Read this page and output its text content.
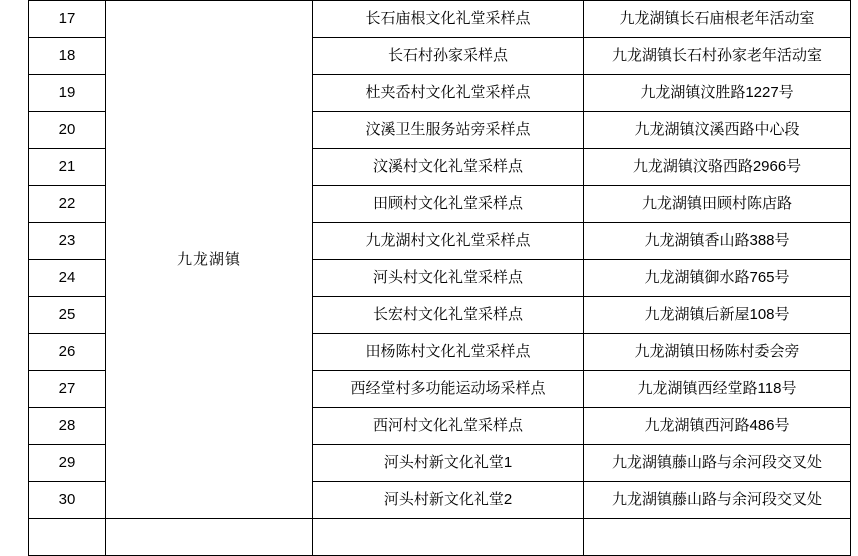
17	九龙湖镇	长石庙根文化礼堂采样点	九龙湖镇长石庙根老年活动室
18		长石村孙家采样点	九龙湖镇长石村孙家老年活动室
19		杜夹岙村文化礼堂采样点	九龙湖镇汶胜路1227号
20		汶溪卫生服务站旁采样点	九龙湖镇汶溪西路中心段
21		汶溪村文化礼堂采样点	九龙湖镇汶骆西路2966号
22		田顾村文化礼堂采样点	九龙湖镇田顾村陈店路
23		九龙湖村文化礼堂采样点	九龙湖镇香山路388号
24		河头村文化礼堂采样点	九龙湖镇御水路765号
25		长宏村文化礼堂采样点	九龙湖镇后新屋108号
26		田杨陈村文化礼堂采样点	九龙湖镇田杨陈村委会旁
27		西经堂村多功能运动场采样点	九龙湖镇西经堂路118号
28		西河村文化礼堂采样点	九龙湖镇西河路486号
29		河头村新文化礼堂1	九龙湖镇藤山路与余河段交叉处
30		河头村新文化礼堂2	九龙湖镇藤山路与余河段交叉处
